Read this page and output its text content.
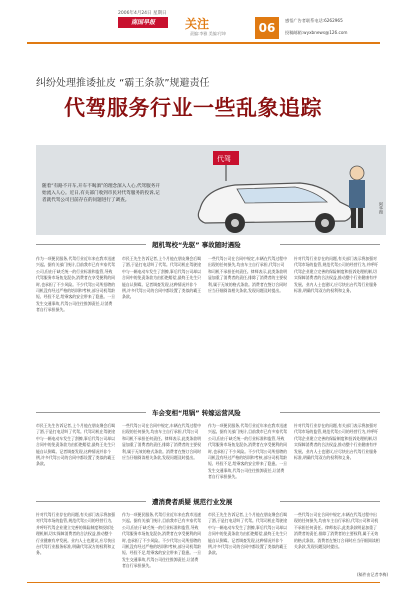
2006年4月24日 星期日
南国早报	关注
责编:李雅 美编:付坤	06
感悟广告者联系电话:6262965
投稿邮箱:wyxbnews@126.com
纠纷处理推诿扯皮 “霸王条款”规避责任
代驾服务行业一些乱象追踪
随着“有路不开车,开车不喝酒”的理念深入人心,代驾服务开始流入人心。近日,有关部门收到市民对代驾服务的投诉,记者就代驾公司目前存在的问题进行了调查。
代驾
阿华摄
超机驾校“先驱” 事故随时遇险
作为一项便民服务,代驾行业近年来在我市迅速兴起。据有关部门统计,目前我市已有多家代驾公司,但由于缺乏统一的行业标准和监管,导致代驾服务市场鱼龙混杂,消费者在享受便利的同时,也承担了不少风险。不少代驾公司所招聘的司机没有经过严格的培训和考核,部分司机驾龄短、经验不足,给乘客的安全带来了隐患。一旦发生交通事故,代驾公司往往推卸责任,让消费者自行承担损失。
市民王先生告诉记者,上个月他在朋友聚会后喝了酒,于是打电话叫了代驾。代驾司机在驾驶途中与一辆电动车发生了刮擦,事后代驾公司却以合同中的免责条款为由拒绝赔偿,最终王先生只能自认倒霉。记者调查发现,这种情况并非个例,许多代驾公司的合同中都设置了类似的霸王条款。
一些代驾公司在合同中规定,车辆在代驾过程中出现的任何损失,均由车主自行承担,代驾公司和司机不承担任何责任。律师表示,此类条款明显加重了消费者的责任,排除了消费者的主要权利,属于无效的格式条款。消费者在签订合同时应当仔细阅读相关条款,发现问题及时提出。
针对代驾行业存在的问题,有关部门表示将加强对代驾市场的监管,规范代驾公司的经营行为,并呼吁代驾企业建立完善的保险制度和投诉处理机制,切实保障消费者的合法权益,推动整个行业健康有序发展。业内人士也建议,应尽快出台代驾行业服务标准,明确代驾双方的权利和义务。
车会变相“甩锅” 转嫁运营风险
市民王先生告诉记者,上个月他在朋友聚会后喝了酒,于是打电话叫了代驾。代驾司机在驾驶途中与一辆电动车发生了刮擦,事后代驾公司却以合同中的免责条款为由拒绝赔偿,最终王先生只能自认倒霉。记者调查发现,这种情况并非个例,许多代驾公司的合同中都设置了类似的霸王条款。
一些代驾公司在合同中规定,车辆在代驾过程中出现的任何损失,均由车主自行承担,代驾公司和司机不承担任何责任。律师表示,此类条款明显加重了消费者的责任,排除了消费者的主要权利,属于无效的格式条款。消费者在签订合同时应当仔细阅读相关条款,发现问题及时提出。
作为一项便民服务,代驾行业近年来在我市迅速兴起。据有关部门统计,目前我市已有多家代驾公司,但由于缺乏统一的行业标准和监管,导致代驾服务市场鱼龙混杂,消费者在享受便利的同时,也承担了不少风险。不少代驾公司所招聘的司机没有经过严格的培训和考核,部分司机驾龄短、经验不足,给乘客的安全带来了隐患。一旦发生交通事故,代驾公司往往推卸责任,让消费者自行承担损失。
针对代驾行业存在的问题,有关部门表示将加强对代驾市场的监管,规范代驾公司的经营行为,并呼吁代驾企业建立完善的保险制度和投诉处理机制,切实保障消费者的合法权益,推动整个行业健康有序发展。业内人士也建议,应尽快出台代驾行业服务标准,明确代驾双方的权利和义务。
遭消费者质疑 规范行业发展
针对代驾行业存在的问题,有关部门表示将加强对代驾市场的监管,规范代驾公司的经营行为,并呼吁代驾企业建立完善的保险制度和投诉处理机制,切实保障消费者的合法权益,推动整个行业健康有序发展。业内人士也建议,应尽快出台代驾行业服务标准,明确代驾双方的权利和义务。
作为一项便民服务,代驾行业近年来在我市迅速兴起。据有关部门统计,目前我市已有多家代驾公司,但由于缺乏统一的行业标准和监管,导致代驾服务市场鱼龙混杂,消费者在享受便利的同时,也承担了不少风险。不少代驾公司所招聘的司机没有经过严格的培训和考核,部分司机驾龄短、经验不足,给乘客的安全带来了隐患。一旦发生交通事故,代驾公司往往推卸责任,让消费者自行承担损失。
市民王先生告诉记者,上个月他在朋友聚会后喝了酒,于是打电话叫了代驾。代驾司机在驾驶途中与一辆电动车发生了刮擦,事后代驾公司却以合同中的免责条款为由拒绝赔偿,最终王先生只能自认倒霉。记者调查发现,这种情况并非个例,许多代驾公司的合同中都设置了类似的霸王条款。
一些代驾公司在合同中规定,车辆在代驾过程中出现的任何损失,均由车主自行承担,代驾公司和司机不承担任何责任。律师表示,此类条款明显加重了消费者的责任,排除了消费者的主要权利,属于无效的格式条款。消费者在签订合同时应当仔细阅读相关条款,发现问题及时提出。
(稿件由记者李梅)
